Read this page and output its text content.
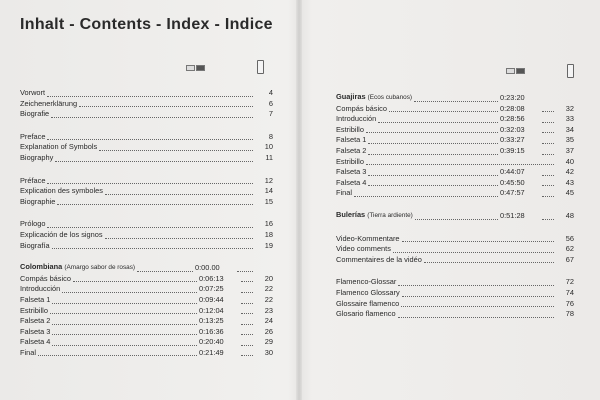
Inhalt - Contents - Index - Indice
Vorwort	4
Zeichenerklärung	6
Biografie	7
Preface	8
Explanation of Symbols	10
Biography	11
Préface	12
Explication des symboles	14
Biographie	15
Prólogo	16
Explicación de los signos	18
Biografía	19
Colombiana (Amargo sabor de rosas)	0:00.00
Compás básico	0:06:13	20
Introducción	0:07:25	22
Falseta 1	0:09:44	22
Estribillo	0:12:04	23
Falseta 2	0:13:25	24
Falseta 3	0:16:36	26
Falseta 4	0:20:40	29
Final	0:21:49	30
Guajiras (Ecos cubanos)	0:23:20
Compás básico	0:28:08	32
Introducción	0:28:56	33
Estribillo	0:32:03	34
Falseta 1	0:33:27	35
Falseta 2	0:39:15	37
Estribillo	40
Falseta 3	0:44:07	42
Falseta 4	0:45:50	43
Final	0:47:57	45
Bulerías (Tierra ardiente)	0:51:28	48
Video-Kommentare	56
Video comments	62
Commentaires de la vidéo	67
Flamenco-Glossar	72
Flamenco Glossary	74
Glossaire flamenco	76
Glosario flamenco	78
